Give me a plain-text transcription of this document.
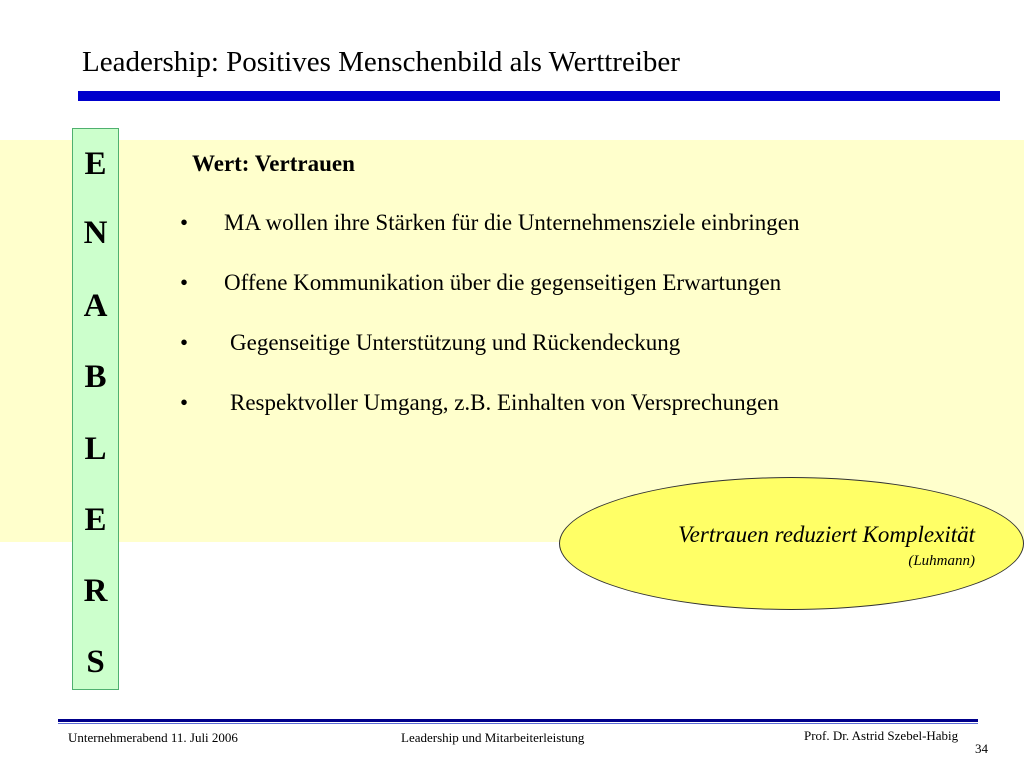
Leadership: Positives Menschenbild als Werttreiber
E
N
A
B
L
E
R
S
Wert: Vertrauen
• MA wollen ihre Stärken für die Unternehmensziele einbringen
• Offene Kommunikation über die gegenseitigen Erwartungen
• Gegenseitige Unterstützung und Rückendeckung
• Respektvoller Umgang, z.B. Einhalten von Versprechungen
Vertrauen reduziert Komplexität
(Luhmann)
Unternehmerabend 11. Juli 2006	Leadership und Mitarbeiterleistung	Prof. Dr. Astrid Szebel-Habig
34
